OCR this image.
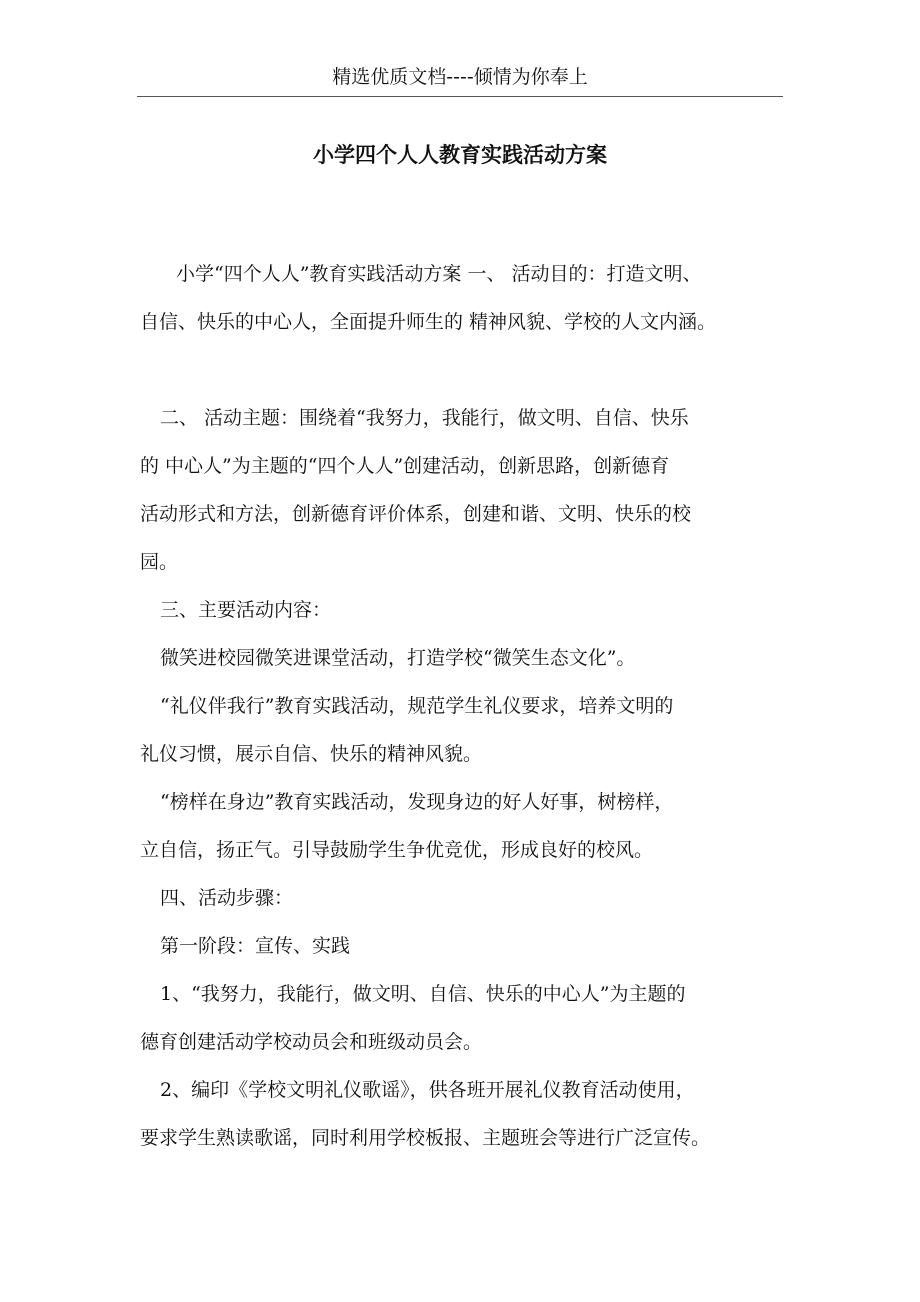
精选优质文档----倾情为你奉上
小学四个人人教育实践活动方案

小学“四个人人”教育实践活动方案 一、 活动目的：打造文明、

自信、快乐的中心人，全面提升师生的 精神风貌、学校的人文内涵。

二、 活动主题：围绕着“我努力，我能行，做文明、自信、快乐

的 中心人”为主题的“四个人人”创建活动，创新思路，创新德育

活动形式和方法，创新德育评价体系，创建和谐、文明、快乐的校

园。

三、主要活动内容：

微笑进校园微笑进课堂活动，打造学校“微笑生态文化”。

“礼仪伴我行”教育实践活动，规范学生礼仪要求，培养文明的

礼仪习惯，展示自信、快乐的精神风貌。

“榜样在身边”教育实践活动，发现身边的好人好事，树榜样，

立自信，扬正气。引导鼓励学生争优竞优，形成良好的校风。

四、活动步骤：

第一阶段：宣传、实践

1、“我努力，我能行，做文明、自信、快乐的中心人”为主题的

德育创建活动学校动员会和班级动员会。

2、编印《学校文明礼仪歌谣》，供各班开展礼仪教育活动使用，

要求学生熟读歌谣，同时利用学校板报、主题班会等进行广泛宣传。
